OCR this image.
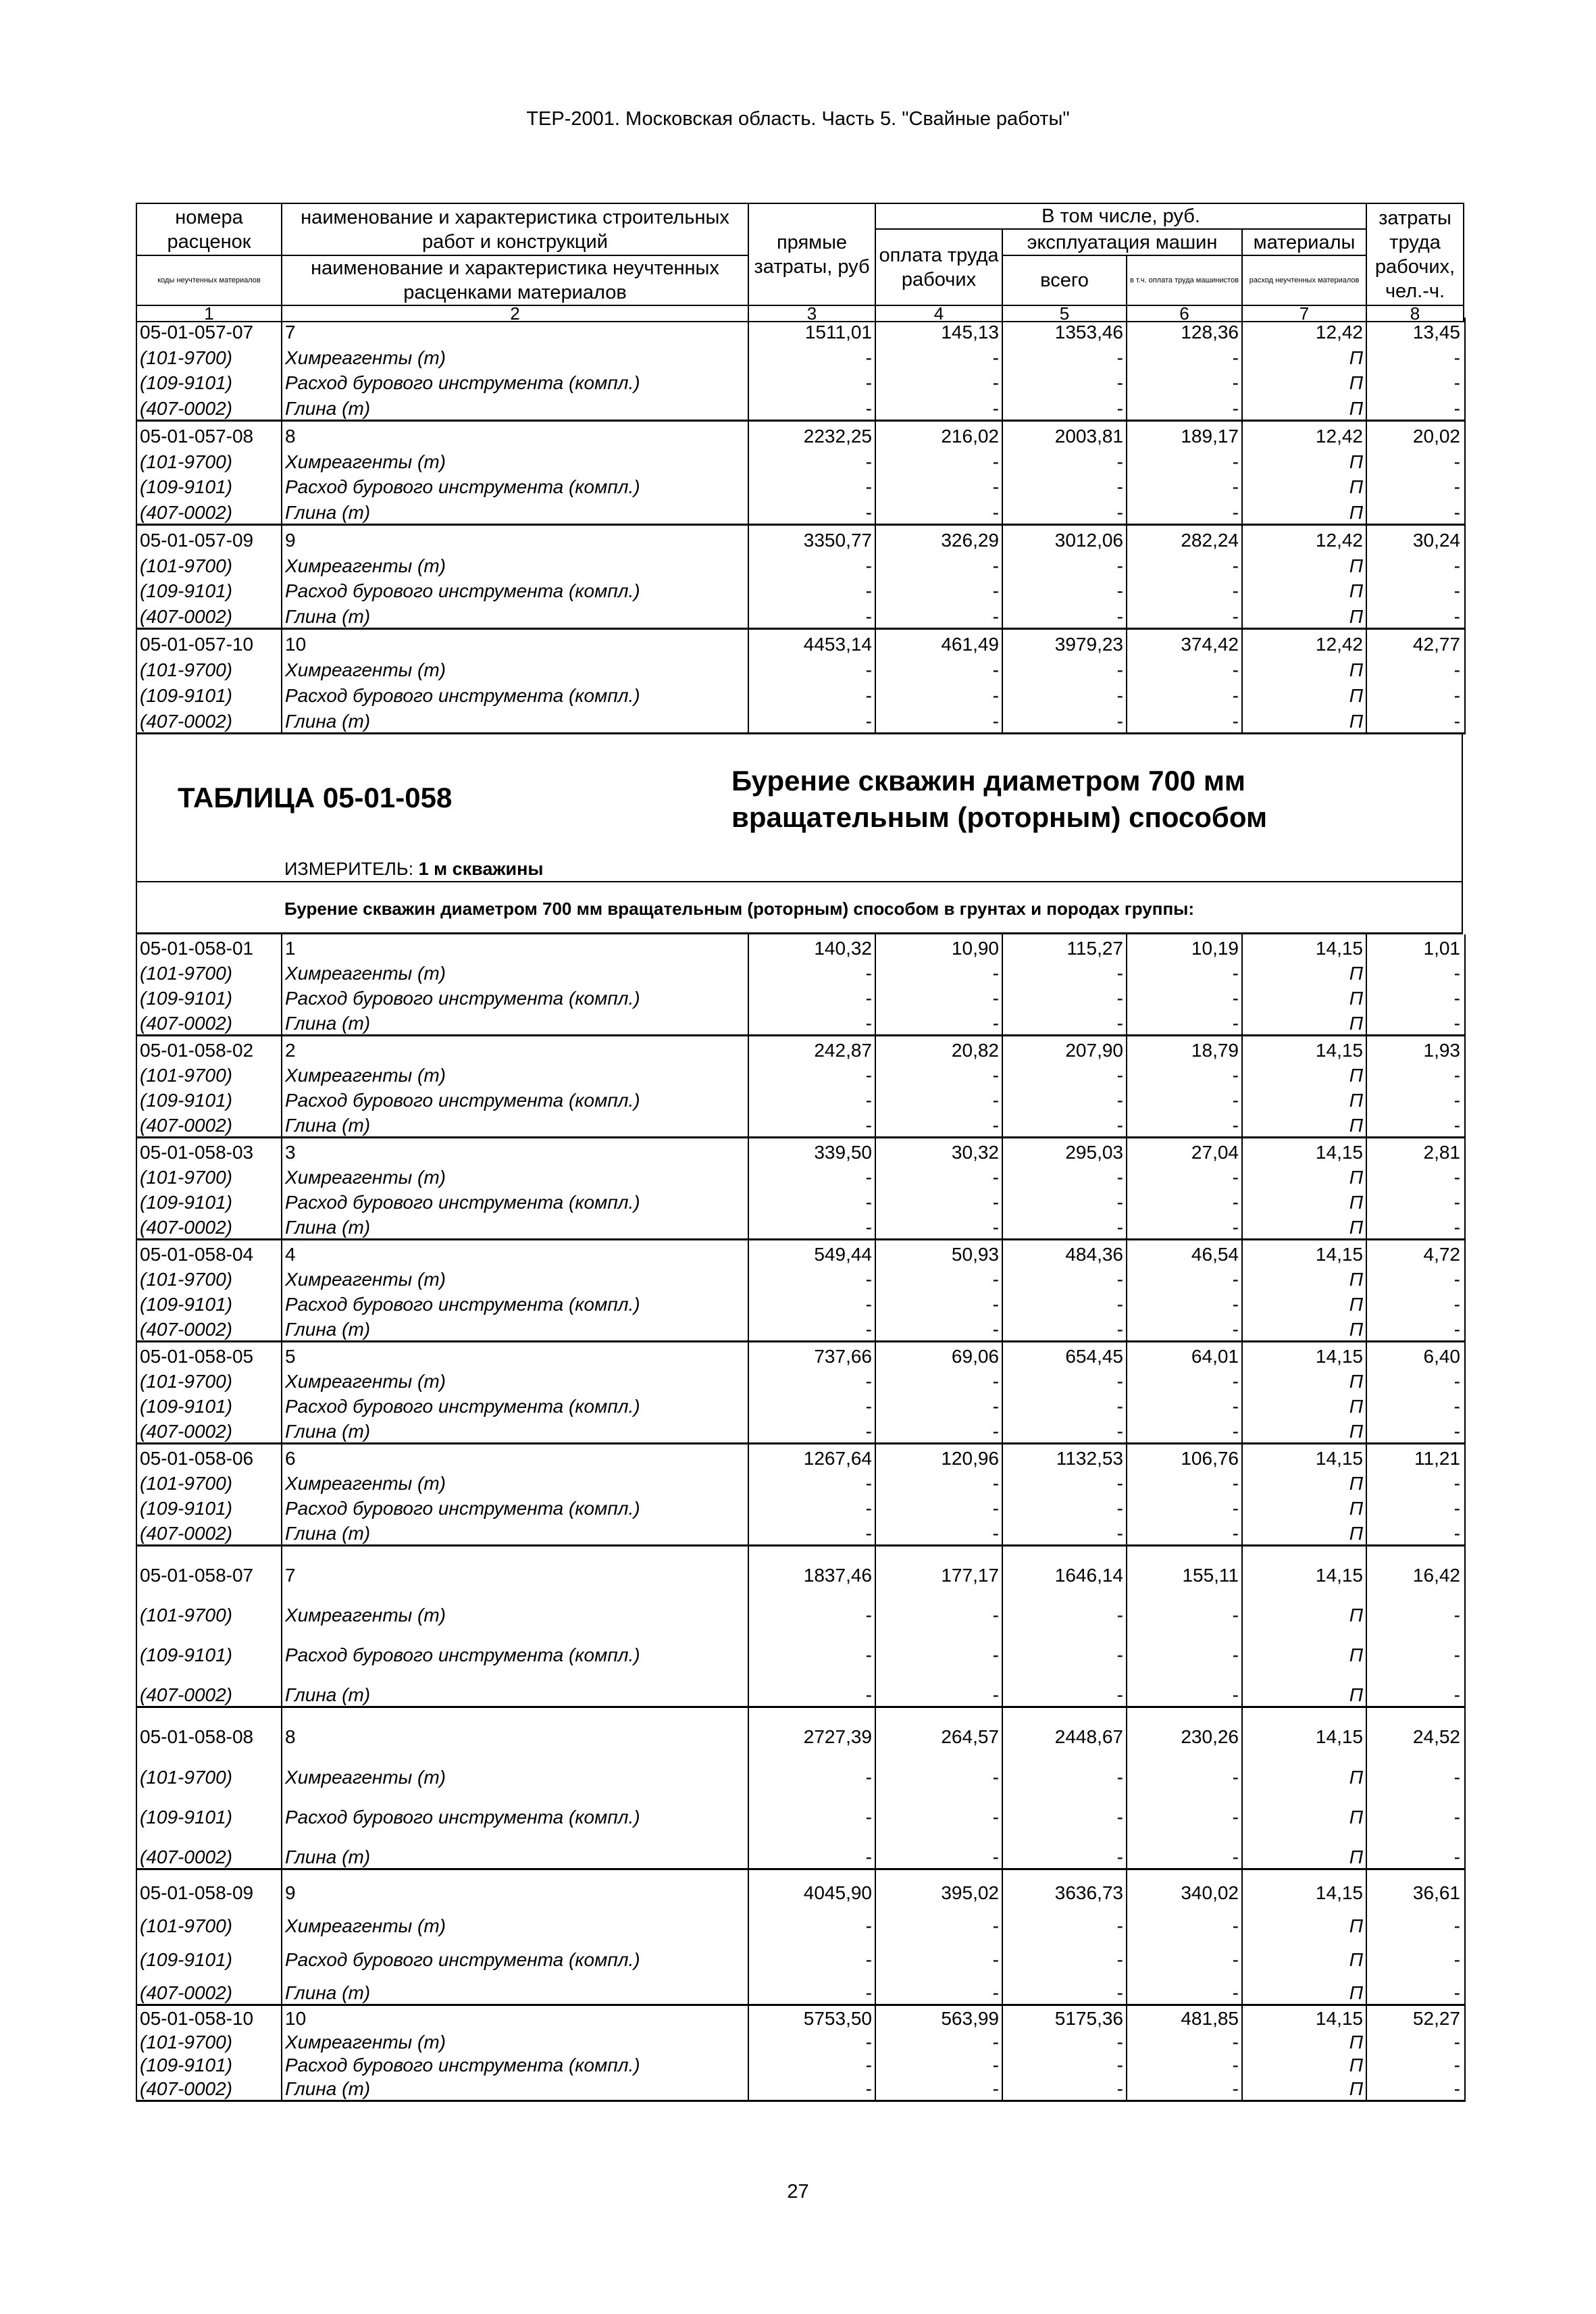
ТЕР-2001. Московская область. Часть 5. "Свайные работы"
номера расценок	наименование и характеристика строительных работ и конструкций	прямые затраты, руб	В том числе, руб.				затраты труда рабочих, чел.-ч.
			оплата труда рабочих	эксплуатация машин		материалы	
коды неучтенных материалов	наименование и характеристика неучтенных расценками материалов			всего	в т.ч. оплата труда машинистов	расход неучтенных материалов	
1	2	3	4	5	6	7	8
05-01-057-07	7	1511,01	145,13	1353,46	128,36	12,42	13,45
(101-9700)	Химреагенты (т)	-	-	-	-	П	-
(109-9101)	Расход бурового инструмента (компл.)	-	-	-	-	П	-
(407-0002)	Глина (т)	-	-	-	-	П	-
05-01-057-08	8	2232,25	216,02	2003,81	189,17	12,42	20,02
(101-9700)	Химреагенты (т)	-	-	-	-	П	-
(109-9101)	Расход бурового инструмента (компл.)	-	-	-	-	П	-
(407-0002)	Глина (т)	-	-	-	-	П	-
05-01-057-09	9	3350,77	326,29	3012,06	282,24	12,42	30,24
(101-9700)	Химреагенты (т)	-	-	-	-	П	-
(109-9101)	Расход бурового инструмента (компл.)	-	-	-	-	П	-
(407-0002)	Глина (т)	-	-	-	-	П	-
05-01-057-10	10	4453,14	461,49	3979,23	374,42	12,42	42,77
(101-9700)	Химреагенты (т)	-	-	-	-	П	-
(109-9101)	Расход бурового инструмента (компл.)	-	-	-	-	П	-
(407-0002)	Глина (т)	-	-	-	-	П	-
ТАБЛИЦА 05-01-058
Бурение скважин диаметром 700 мм
вращательным (роторным) способом
ИЗМЕРИТЕЛЬ: 1 м скважины
Бурение скважин диаметром 700 мм вращательным (роторным) способом в грунтах и породах группы:
05-01-058-01	1	140,32	10,90	115,27	10,19	14,15	1,01
(101-9700)	Химреагенты (т)	-	-	-	-	П	-
(109-9101)	Расход бурового инструмента (компл.)	-	-	-	-	П	-
(407-0002)	Глина (т)	-	-	-	-	П	-
05-01-058-02	2	242,87	20,82	207,90	18,79	14,15	1,93
(101-9700)	Химреагенты (т)	-	-	-	-	П	-
(109-9101)	Расход бурового инструмента (компл.)	-	-	-	-	П	-
(407-0002)	Глина (т)	-	-	-	-	П	-
05-01-058-03	3	339,50	30,32	295,03	27,04	14,15	2,81
(101-9700)	Химреагенты (т)	-	-	-	-	П	-
(109-9101)	Расход бурового инструмента (компл.)	-	-	-	-	П	-
(407-0002)	Глина (т)	-	-	-	-	П	-
05-01-058-04	4	549,44	50,93	484,36	46,54	14,15	4,72
(101-9700)	Химреагенты (т)	-	-	-	-	П	-
(109-9101)	Расход бурового инструмента (компл.)	-	-	-	-	П	-
(407-0002)	Глина (т)	-	-	-	-	П	-
05-01-058-05	5	737,66	69,06	654,45	64,01	14,15	6,40
(101-9700)	Химреагенты (т)	-	-	-	-	П	-
(109-9101)	Расход бурового инструмента (компл.)	-	-	-	-	П	-
(407-0002)	Глина (т)	-	-	-	-	П	-
05-01-058-06	6	1267,64	120,96	1132,53	106,76	14,15	11,21
(101-9700)	Химреагенты (т)	-	-	-	-	П	-
(109-9101)	Расход бурового инструмента (компл.)	-	-	-	-	П	-
(407-0002)	Глина (т)	-	-	-	-	П	-
05-01-058-07	7	1837,46	177,17	1646,14	155,11	14,15	16,42
(101-9700)	Химреагенты (т)	-	-	-	-	П	-
(109-9101)	Расход бурового инструмента (компл.)	-	-	-	-	П	-
(407-0002)	Глина (т)	-	-	-	-	П	-
05-01-058-08	8	2727,39	264,57	2448,67	230,26	14,15	24,52
(101-9700)	Химреагенты (т)	-	-	-	-	П	-
(109-9101)	Расход бурового инструмента (компл.)	-	-	-	-	П	-
(407-0002)	Глина (т)	-	-	-	-	П	-
05-01-058-09	9	4045,90	395,02	3636,73	340,02	14,15	36,61
(101-9700)	Химреагенты (т)	-	-	-	-	П	-
(109-9101)	Расход бурового инструмента (компл.)	-	-	-	-	П	-
(407-0002)	Глина (т)	-	-	-	-	П	-
05-01-058-10	10	5753,50	563,99	5175,36	481,85	14,15	52,27
(101-9700)	Химреагенты (т)	-	-	-	-	П	-
(109-9101)	Расход бурового инструмента (компл.)	-	-	-	-	П	-
(407-0002)	Глина (т)	-	-	-	-	П	-
27
